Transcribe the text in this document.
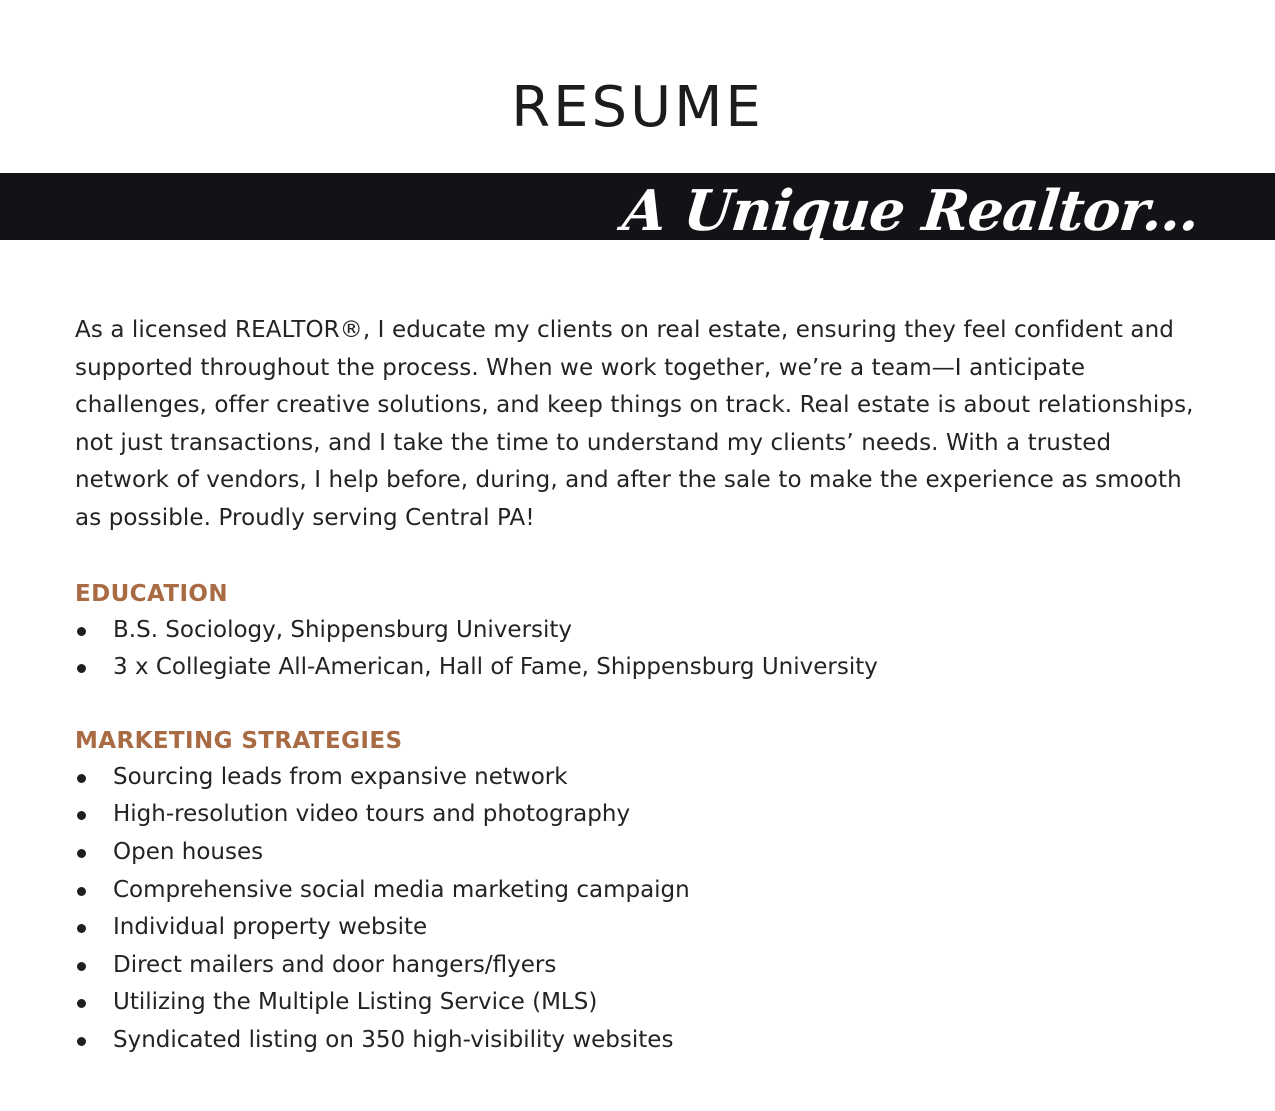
RESUME
A Unique Realtor...

As a licensed REALTOR®, I educate my clients on real estate, ensuring they feel confident and supported throughout the process. When we work together, we’re a team—I anticipate challenges, offer creative solutions, and keep things on track. Real estate is about relationships, not just transactions, and I take the time to understand my clients’ needs. With a trusted network of vendors, I help before, during, and after the sale to make the experience as smooth as possible. Proudly serving Central PA!

EDUCATION
B.S. Sociology, Shippensburg University
3 x Collegiate All-American, Hall of Fame, Shippensburg University
MARKETING STRATEGIES
Sourcing leads from expansive network
High-resolution video tours and photography
Open houses
Comprehensive social media marketing campaign
Individual property website
Direct mailers and door hangers/flyers
Utilizing the Multiple Listing Service (MLS)
Syndicated listing on 350 high-visibility websites
